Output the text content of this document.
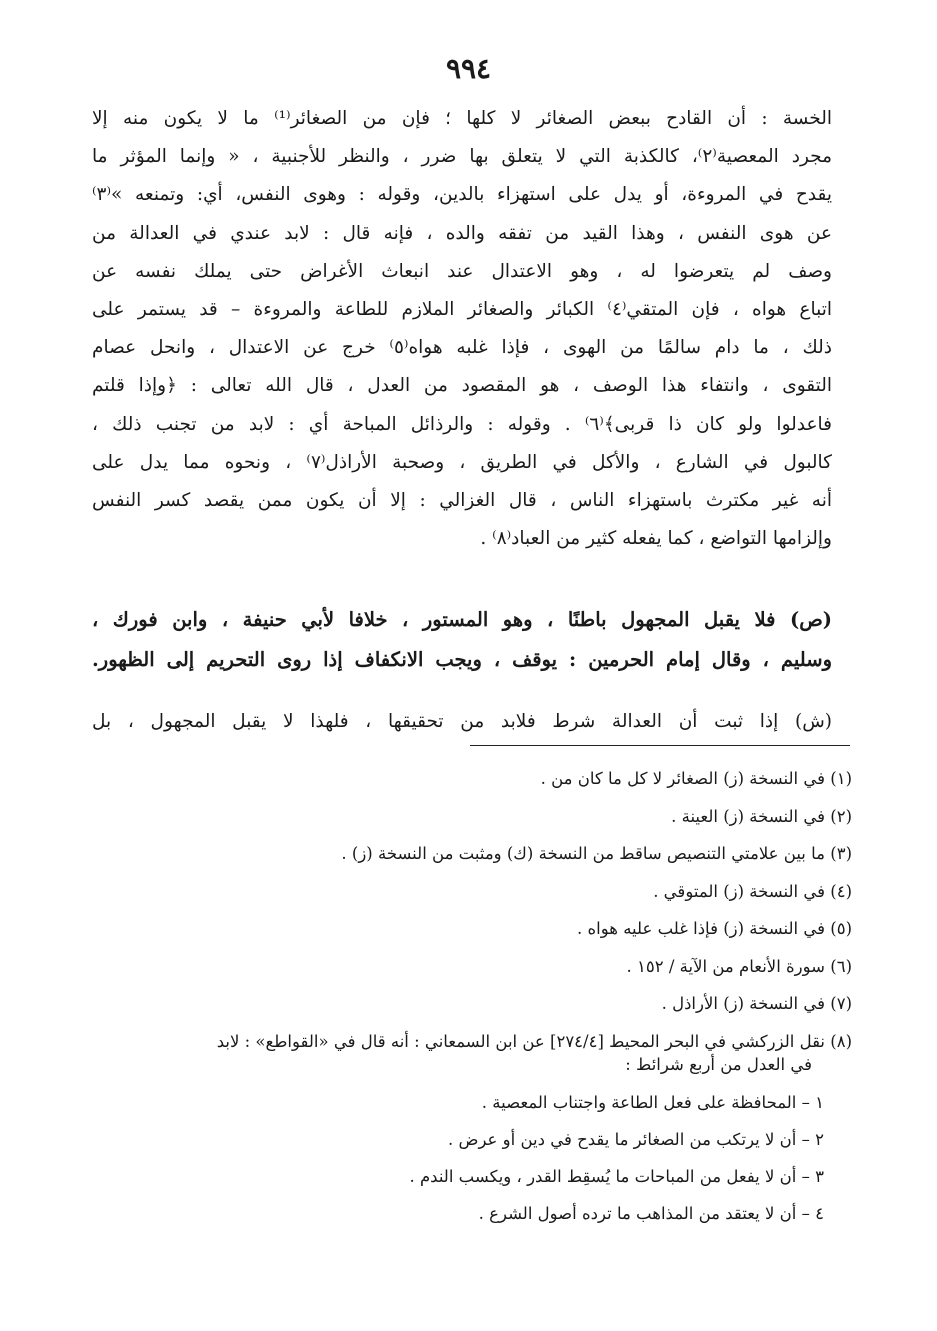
٩٩٤
الخسة : أن القادح ببعض الصغائر لا كلها ؛ فإن من الصغائر⁽¹⁾ ما لا يكون منه إلا
مجرد المعصية⁽٢⁾، كالكذبة التي لا يتعلق بها ضرر ، والنظر للأجنبية ، « وإنما المؤثر ما
يقدح في المروءة، أو يدل على استهزاء بالدين، وقوله : وهوى النفس، أي: وتمنعه »⁽٣⁾
عن هوى النفس ، وهذا القيد من تفقه والده ، فإنه قال : لابد عندي في العدالة من
وصف لم يتعرضوا له ، وهو الاعتدال عند انبعاث الأغراض حتى يملك نفسه عن
اتباع هواه ، فإن المتقي⁽٤⁾ الكبائر والصغائر الملازم للطاعة والمروءة – قد يستمر على
ذلك ، ما دام سالمًا من الهوى ، فإذا غلبه هواه⁽٥⁾ خرج عن الاعتدال ، وانحل عصام
التقوى ، وانتفاء هذا الوصف ، هو المقصود من العدل ، قال الله تعالى : ﴿وإذا قلتم
فاعدلوا ولو كان ذا قربى﴾⁽٦⁾ . وقوله : والرذائل المباحة أي : لابد من تجنب ذلك ،
كالبول في الشارع ، والأكل في الطريق ، وصحبة الأراذل⁽٧⁾ ، ونحوه مما يدل على
أنه غير مكترث باستهزاء الناس ، قال الغزالي : إلا أن يكون ممن يقصد كسر النفس
وإلزامها التواضع ، كما يفعله كثير من العباد⁽٨⁾ .
(ص) فلا يقبل المجهول باطنًا ، وهو المستور ، خلافا لأبي حنيفة ، وابن فورك ،
وسليم ، وقال إمام الحرمين : يوقف ، ويجب الانكفاف إذا روى التحريم إلى الظهور.
(ش) إذا ثبت أن العدالة شرط فلابد من تحقيقها ، فلهذا لا يقبل المجهول ، بل
(١) في النسخة (ز) الصغائر لا كل ما كان من .
(٢) في النسخة (ز) العينة .
(٣) ما بين علامتي التنصيص ساقط من النسخة (ك) ومثبت من النسخة (ز) .
(٤) في النسخة (ز) المتوقي .
(٥) في النسخة (ز) فإذا غلب عليه هواه .
(٦) سورة الأنعام من الآية / ١٥٢ .
(٧) في النسخة (ز) الأراذل .
(٨) نقل الزركشي في البحر المحيط [٢٧٤/٤] عن ابن السمعاني : أنه قال في «القواطع» : لابد
في العدل من أربع شرائط :
١ – المحافظة على فعل الطاعة واجتناب المعصية .
٢ – أن لا يرتكب من الصغائر ما يقدح في دين أو عرض .
٣ – أن لا يفعل من المباحات ما يُسقِط القدر ، ويكسب الندم .
٤ – أن لا يعتقد من المذاهب ما ترده أصول الشرع .
